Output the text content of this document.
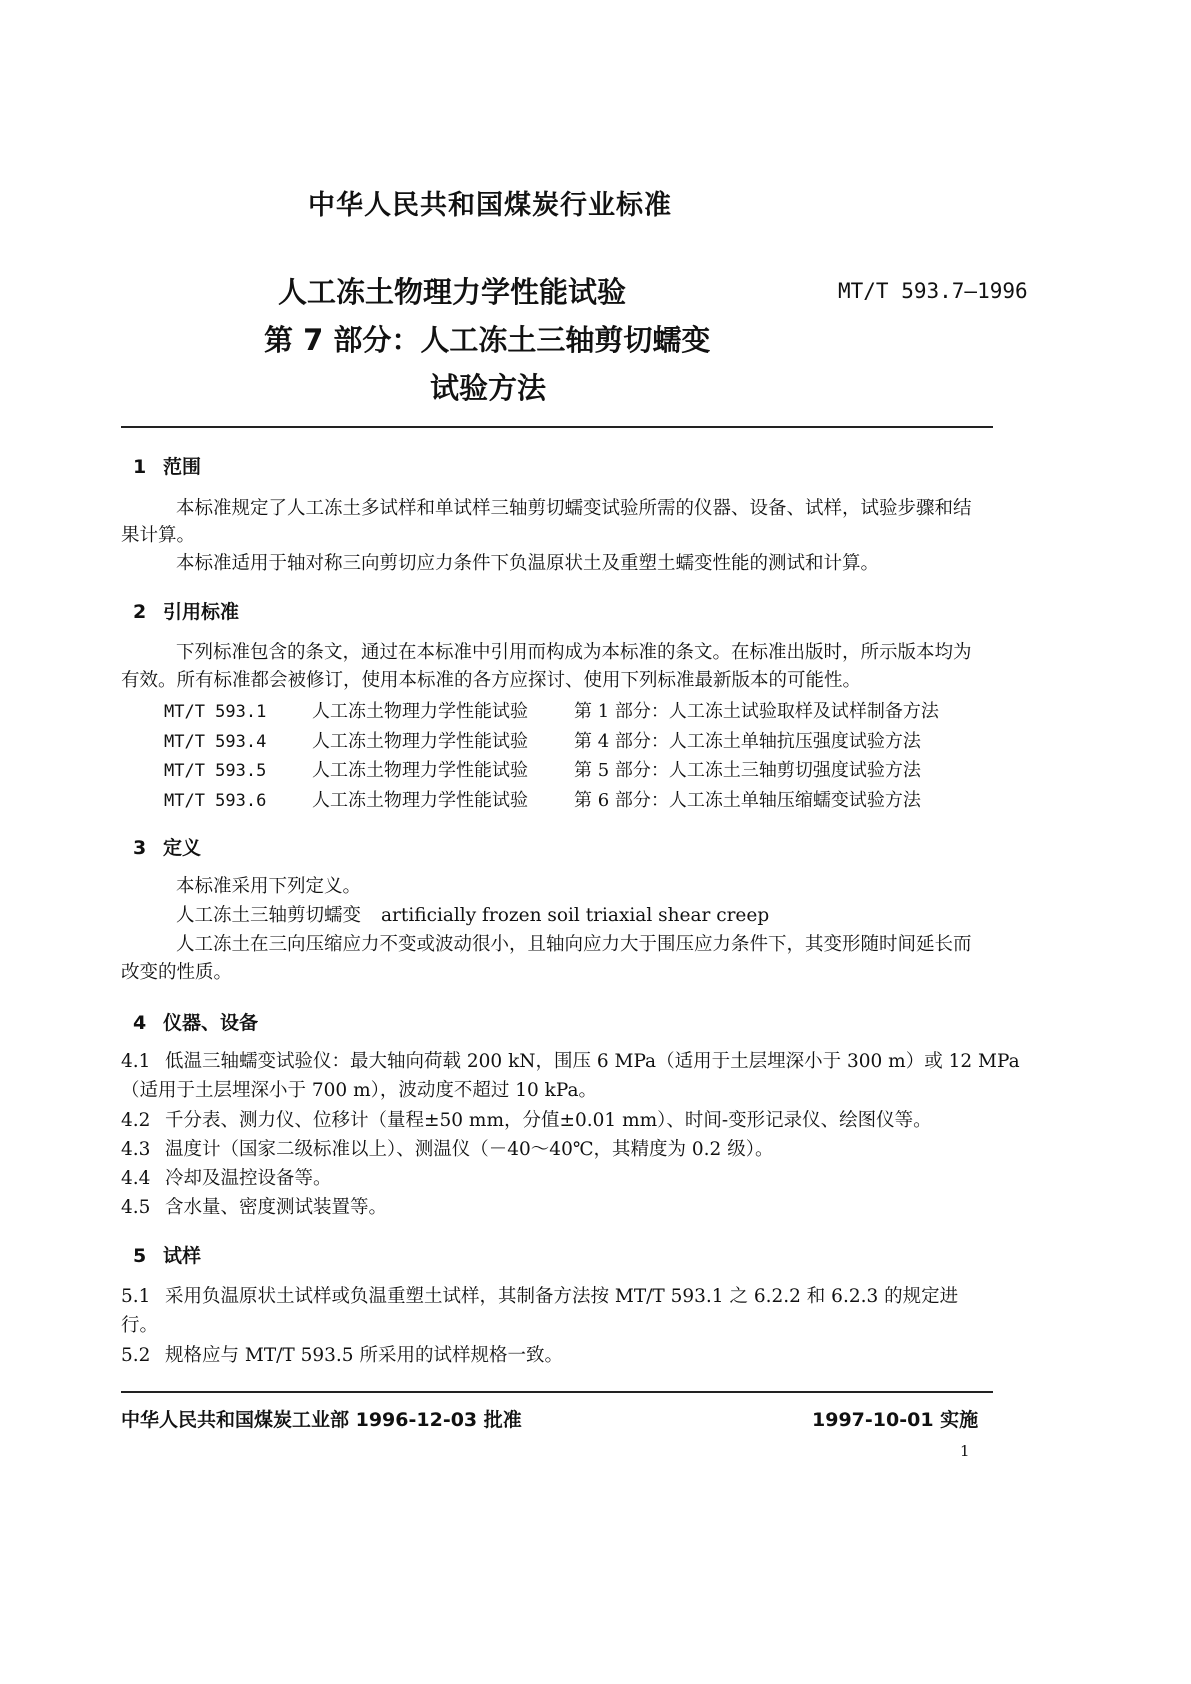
中华人民共和国煤炭行业标准
人工冻土物理力学性能试验
第 7 部分：人工冻土三轴剪切蠕变
试验方法
MT/T 593.7—1996
1 范围
本标准规定了人工冻土多试样和单试样三轴剪切蠕变试验所需的仪器、设备、试样，试验步骤和结
果计算。
本标准适用于轴对称三向剪切应力条件下负温原状土及重塑土蠕变性能的测试和计算。
2 引用标准
下列标准包含的条文，通过在本标准中引用而构成为本标准的条文。在标准出版时，所示版本均为
有效。所有标准都会被修订，使用本标准的各方应探讨、使用下列标准最新版本的可能性。
MT/T 593.1	人工冻土物理力学性能试验	第 1 部分：人工冻土试验取样及试样制备方法
MT/T 593.4	人工冻土物理力学性能试验	第 4 部分：人工冻土单轴抗压强度试验方法
MT/T 593.5	人工冻土物理力学性能试验	第 5 部分：人工冻土三轴剪切强度试验方法
MT/T 593.6	人工冻土物理力学性能试验	第 6 部分：人工冻土单轴压缩蠕变试验方法
3 定义
本标准采用下列定义。
人工冻土三轴剪切蠕变 artificially frozen soil triaxial shear creep
人工冻土在三向压缩应力不变或波动很小，且轴向应力大于围压应力条件下，其变形随时间延长而
改变的性质。
4 仪器、设备
4.1 低温三轴蠕变试验仪：最大轴向荷载 200 kN，围压 6 MPa（适用于土层埋深小于 300 m）或 12 MPa
（适用于土层埋深小于 700 m），波动度不超过 10 kPa。
4.2 千分表、测力仪、位移计（量程±50 mm，分值±0.01 mm）、时间-变形记录仪、绘图仪等。
4.3 温度计（国家二级标准以上）、测温仪（－40～40℃，其精度为 0.2 级）。
4.4 冷却及温控设备等。
4.5 含水量、密度测试装置等。
5 试样
5.1 采用负温原状土试样或负温重塑土试样，其制备方法按 MT/T 593.1 之 6.2.2 和 6.2.3 的规定进
行。
5.2 规格应与 MT/T 593.5 所采用的试样规格一致。
中华人民共和国煤炭工业部 1996-12-03 批准	1997-10-01 实施
1
